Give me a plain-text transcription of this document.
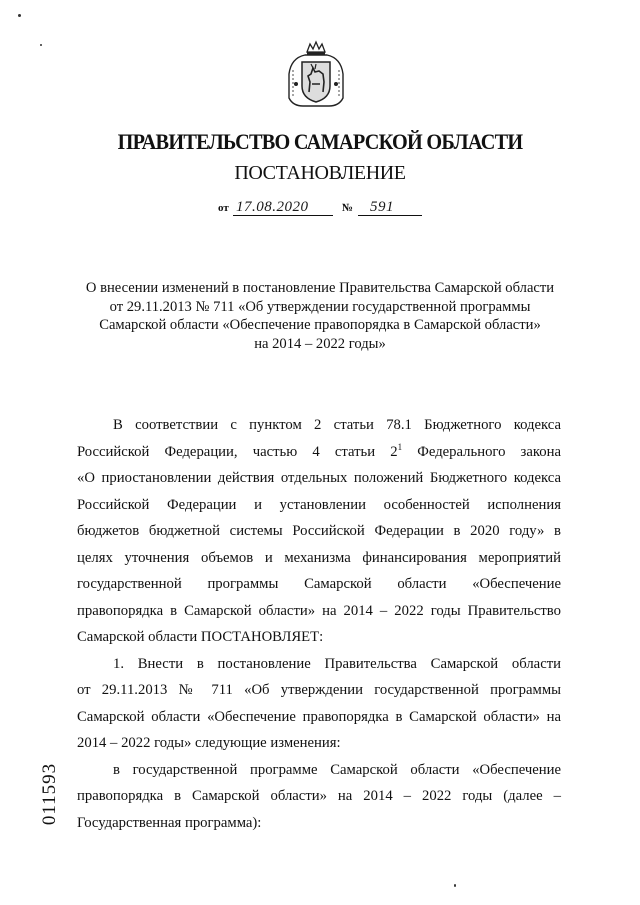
ПРАВИТЕЛЬСТВО САМАРСКОЙ ОБЛАСТИ
ПОСТАНОВЛЕНИЕ
от 17.08.2020	№ 591
О внесении изменений в постановление Правительства Самарской области
от 29.11.2013 № 711 «Об утверждении государственной программы
Самарской области «Обеспечение правопорядка в Самарской области»
на 2014 – 2022 годы»
В соответствии с пунктом 2 статьи 78.1 Бюджетного кодекса
Российской Федерации, частью 4 статьи $2^1$ Федерального закона
«О приостановлении действия отдельных положений Бюджетного кодекса
Российской Федерации и установлении особенностей исполнения
бюджетов бюджетной системы Российской Федерации в 2020 году» в
целях уточнения объемов и механизма финансирования мероприятий
государственной программы Самарской области «Обеспечение
правопорядка в Самарской области» на 2014 – 2022 годы Правительство
Самарской области ПОСТАНОВЛЯЕТ:
1. Внести в постановление Правительства Самарской области
от 29.11.2013 № 711 «Об утверждении государственной программы
Самарской области «Обеспечение правопорядка в Самарской области» на
2014 – 2022 годы» следующие изменения:
в государственной программе Самарской области «Обеспечение
правопорядка в Самарской области» на 2014 – 2022 годы (далее –
Государственная программа):
011593
